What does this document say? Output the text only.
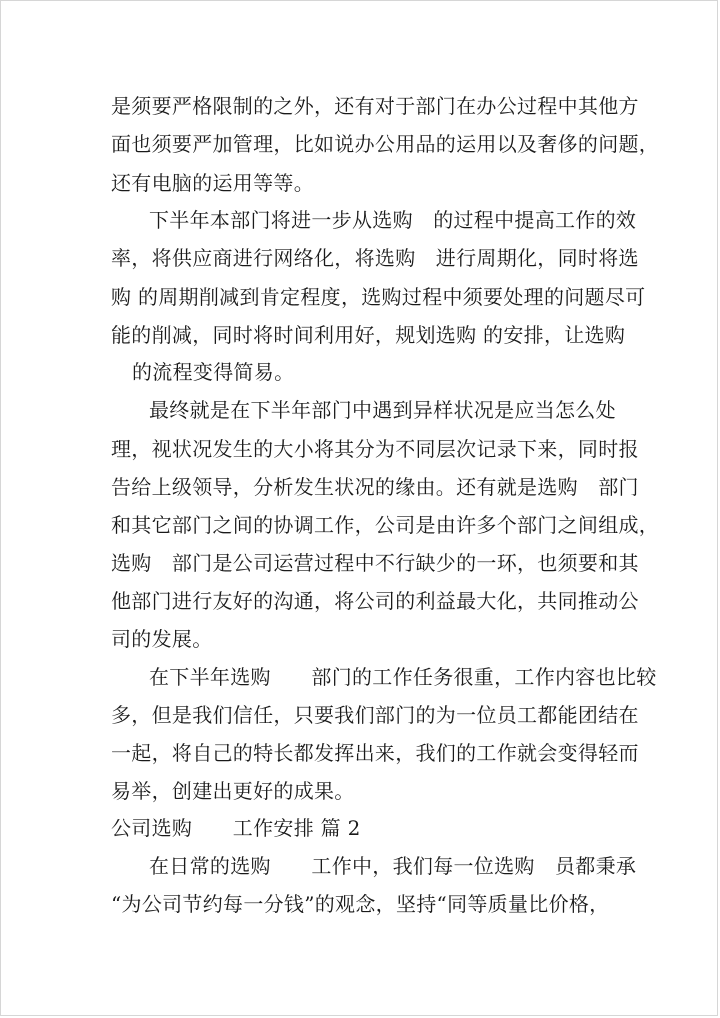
是须要严格限制的之外，还有对于部门在办公过程中其他方
面也须要严加管理，比如说办公用品的运用以及奢侈的问题，
还有电脑的运用等等。
下半年本部门将进一步从选购　的过程中提高工作的效
率，将供应商进行网络化，将选购　进行周期化，同时将选
购 的周期削减到肯定程度，选购过程中须要处理的问题尽可
能的削减，同时将时间利用好，规划选购 的安排，让选购
的流程变得简易。
最终就是在下半年部门中遇到异样状况是应当怎么处
理，视状况发生的大小将其分为不同层次记录下来，同时报
告给上级领导，分析发生状况的缘由。还有就是选购　部门
和其它部门之间的协调工作，公司是由许多个部门之间组成，
选购　部门是公司运营过程中不行缺少的一环，也须要和其
他部门进行友好的沟通，将公司的利益最大化，共同推动公
司的发展。
在下半年选购　　部门的工作任务很重，工作内容也比较
多，但是我们信任，只要我们部门的为一位员工都能团结在
一起，将自己的特长都发挥出来，我们的工作就会变得轻而
易举，创建出更好的成果。
公司选购　　工作安排 篇 2
在日常的选购　　工作中，我们每一位选购　员都秉承
“为公司节约每一分钱”的观念，坚持“同等质量比价格，
